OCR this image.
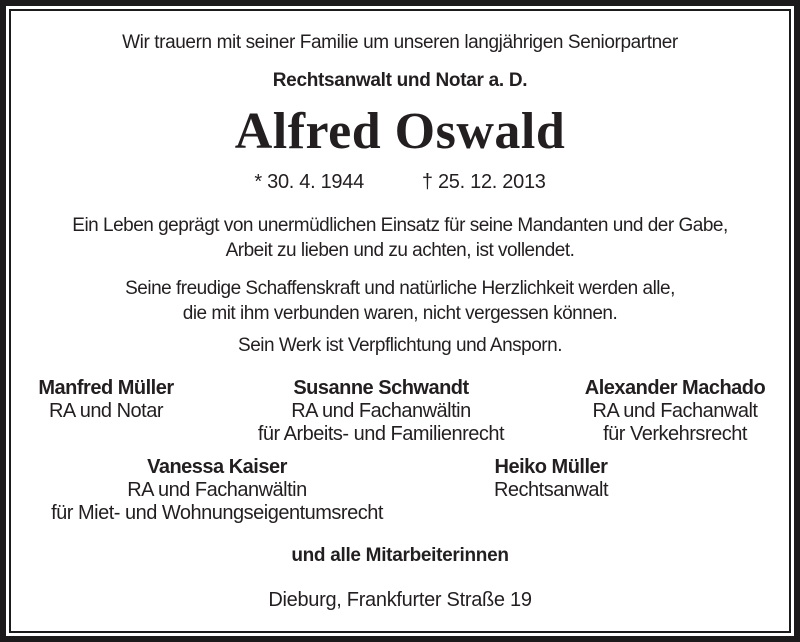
Wir trauern mit seiner Familie um unseren langjährigen Seniorpartner
Rechtsanwalt und Notar a. D.
Alfred Oswald
* 30. 4. 1944	† 25. 12. 2013
Ein Leben geprägt von unermüdlichen Einsatz für seine Mandanten und der Gabe,
Arbeit zu lieben und zu achten, ist vollendet.
Seine freudige Schaffenskraft und natürliche Herzlichkeit werden alle,
die mit ihm verbunden waren, nicht vergessen können.
Sein Werk ist Verpflichtung und Ansporn.
Manfred Müller
RA und Notar
Susanne Schwandt
RA und Fachanwältin
für Arbeits- und Familienrecht
Alexander Machado
RA und Fachanwalt
für Verkehrsrecht
Vanessa Kaiser
RA und Fachanwältin
für Miet- und Wohnungseigentumsrecht
Heiko Müller
Rechtsanwalt
und alle Mitarbeiterinnen
Dieburg, Frankfurter Straße 19
